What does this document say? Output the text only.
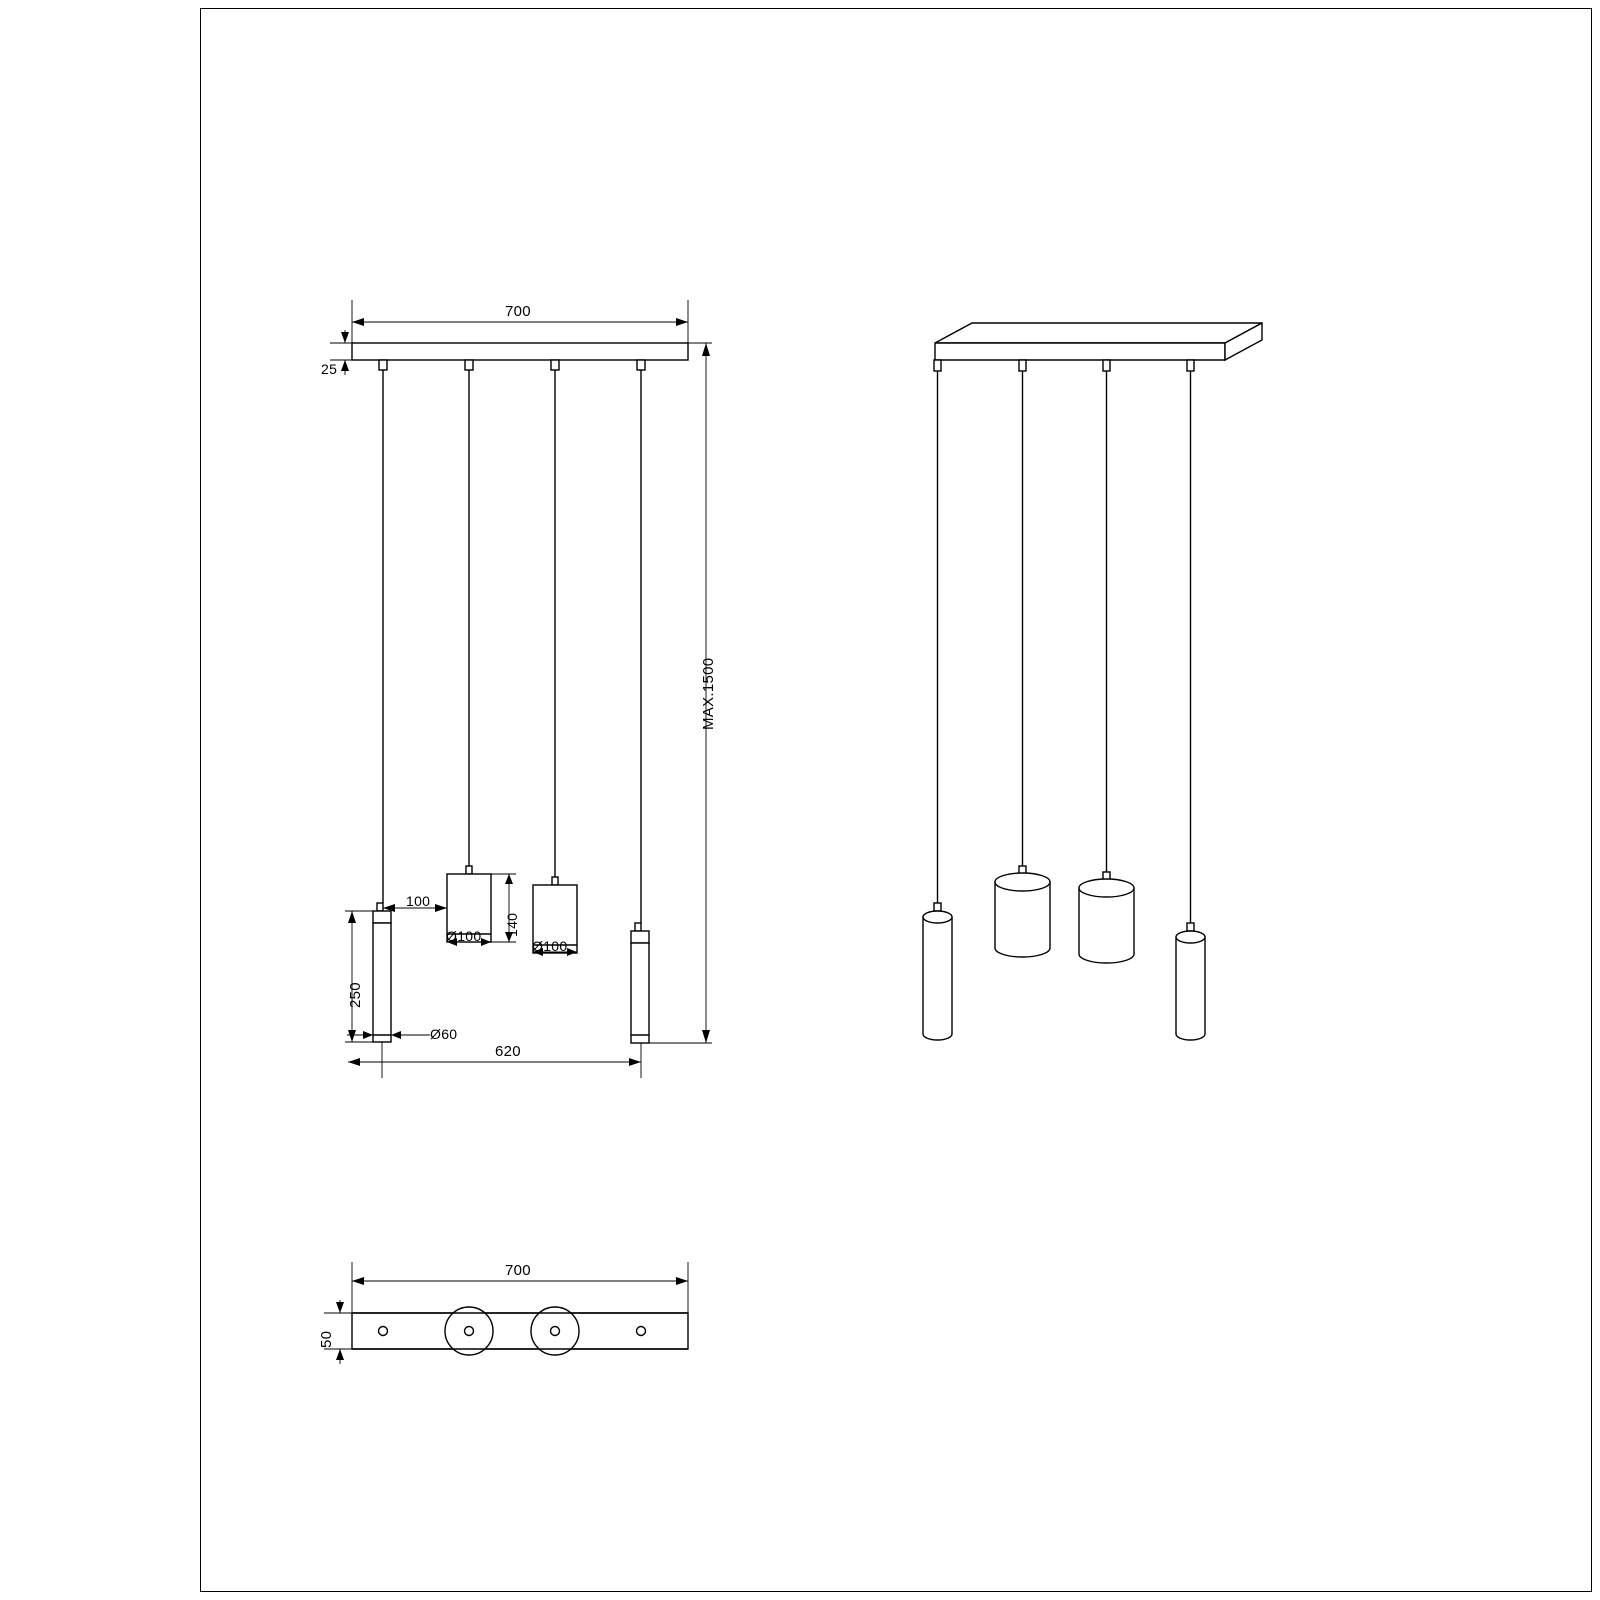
700
25
MAX.1500
250
140
100
Ø100
Ø100
Ø60
620
700
50
